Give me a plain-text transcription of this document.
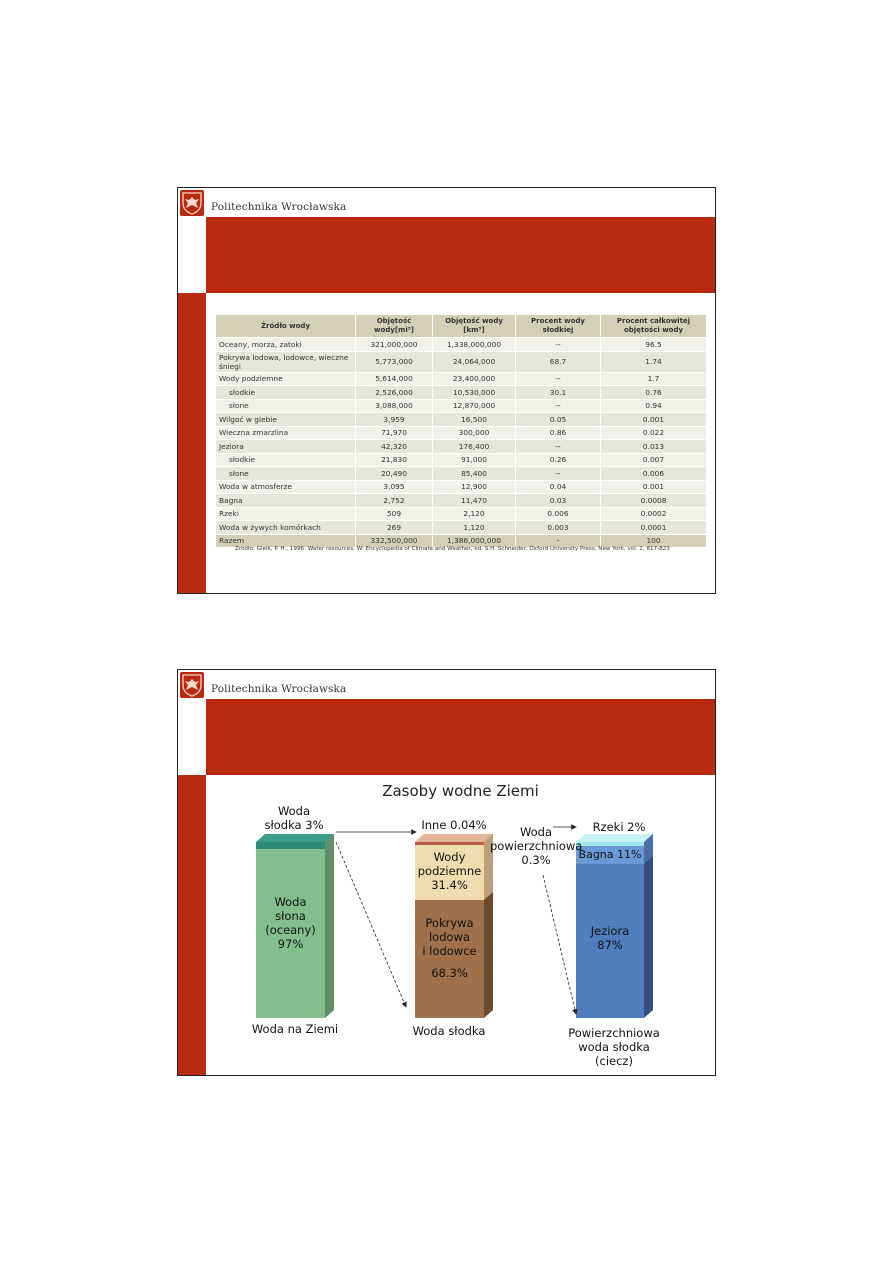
Politechnika Wrocławska
Źródło wody	Objętość wody[mi³]	Objętość wody [km³]	Procent wody słodkiej	Procent całkowitej objętości wody
Oceany, morza, zatoki	321,000,000	1,338,000,000	--	96.5
Pokrywa lodowa, lodowce, wieczne śniegi	5,773,000	24,064,000	68.7	1.74
Wody podziemne	5,614,000	23,400,000	--	1.7
słodkie	2,526,000	10,530,000	30.1	0.76
słone	3,088,000	12,870,000	--	0.94
Wilgoć w glebie	3,959	16,500	0.05	0.001
Wieczna zmarzlina	71,970	300,000	0.86	0.022
Jeziora	42,320	176,400	--	0.013
słodkie	21,830	91,000	0.26	0.007
słone	20,490	85,400	--	0.006
Woda w atmosferze	3,095	12,900	0.04	0.001
Bagna	2,752	11,470	0.03	0.0008
Rzeki	509	2,120	0.006	0.0002
Woda w żywych komórkach	269	1,120	0.003	0.0001
Razem	332,500,000	1,386,000,000	-	100
Źródło: Gleik, P. H., 1996: Water resources. W: Encyclopedia of Climate and Weather, ed. S.H. Schneider, Oxford University Press, New York, vol. 2, 817-823
Politechnika Wrocławska
Zasoby wodne Ziemi
Woda
słodka 3%
Woda
słona
(oceany)
97%
Woda na Ziemi
Inne 0.04%
Wody
podziemne
31.4%
Pokrywa
lodowa
i lodowce
68.3%
Woda słodka
Woda
powierzchniowa
0.3%
Rzeki 2%
Bagna 11%
Jeziora
87%
Powierzchniowa
woda słodka
(ciecz)
